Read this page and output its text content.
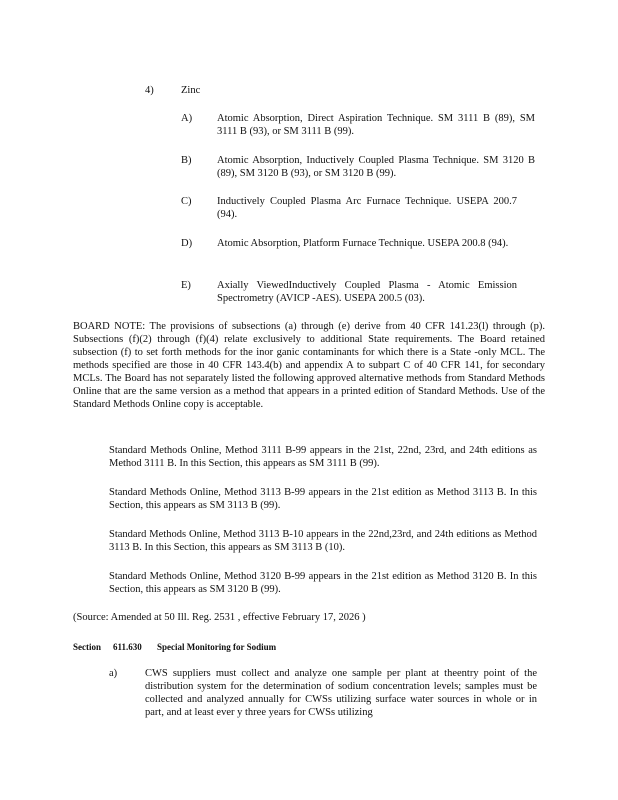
4)	Zinc
A) Atomic Absorption, Direct Aspiration Technique. SM 3111 B (89), SM 3111 B (93), or SM 3111 B (99).
B) Atomic Absorption, Inductively Coupled Plasma Technique. SM 3120 B (89), SM 3120 B (93), or SM 3120 B (99).
C) Inductively Coupled Plasma Arc Furnace Technique. USEPA 200.7 (94).
D) Atomic Absorption, Platform Furnace Technique. USEPA 200.8 (94).
E) Axially ViewedInductively Coupled Plasma - Atomic Emission Spectrometry (AVICP -AES). USEPA 200.5 (03).
BOARD NOTE: The provisions of subsections (a) through (e) derive from 40 CFR 141.23(l) through (p). Subsections (f)(2) through (f)(4) relate exclusively to additional State requirements. The Board retained subsection (f) to set forth methods for the inor ganic contaminants for which there is a State -only MCL. The methods specified are those in 40 CFR 143.4(b) and appendix A to subpart C of 40 CFR 141, for secondary MCLs. The Board has not separately listed the following approved alternative methods from Standard Methods Online that are the same version as a method that appears in a printed edition of Standard Methods. Use of the Standard Methods Online copy is acceptable.
Standard Methods Online, Method 3111 B-99 appears in the 21st, 22nd, 23rd, and 24th editions as Method 3111 B. In this Section, this appears as SM 3111 B (99).
Standard Methods Online, Method 3113 B-99 appears in the 21st edition as Method 3113 B. In this Section, this appears as SM 3113 B (99).
Standard Methods Online, Method 3113 B-10 appears in the 22nd,23rd, and 24th editions as Method 3113 B. In this Section, this appears as SM 3113 B (10).
Standard Methods Online, Method 3120 B-99 appears in the 21st edition as Method 3120 B. In this Section, this appears as SM 3120 B (99).
(Source: Amended at 50 Ill. Reg. 2531 , effective February 17, 2026 )
Section 611.630 Special Monitoring for Sodium
a)	CWS suppliers must collect and analyze one sample per plant at theentry point of the distribution system for the determination of sodium concentration levels; samples must be collected and analyzed annually for CWSs utilizing surface water sources in whole or in part, and at least ever y three years for CWSs utilizing
